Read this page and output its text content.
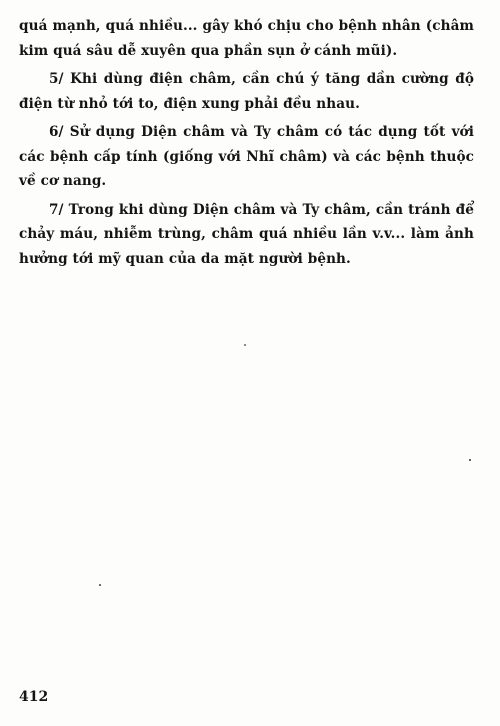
quá mạnh, quá nhiều... gây khó chịu cho bệnh nhân (châm kim quá sâu dễ xuyên qua phần sụn ở cánh mũi).

5/ Khi dùng điện châm, cần chú ý tăng dần cường độ điện từ nhỏ tới to, điện xung phải đều nhau.

6/ Sử dụng Diện châm và Ty châm có tác dụng tốt với các bệnh cấp tính (giống với Nhĩ châm) và các bệnh thuộc về cơ nang.

7/ Trong khi dùng Diện châm và Ty châm, cần tránh để chảy máu, nhiễm trùng, châm quá nhiều lần v.v... làm ảnh hưởng tới mỹ quan của da mặt người bệnh.

412
